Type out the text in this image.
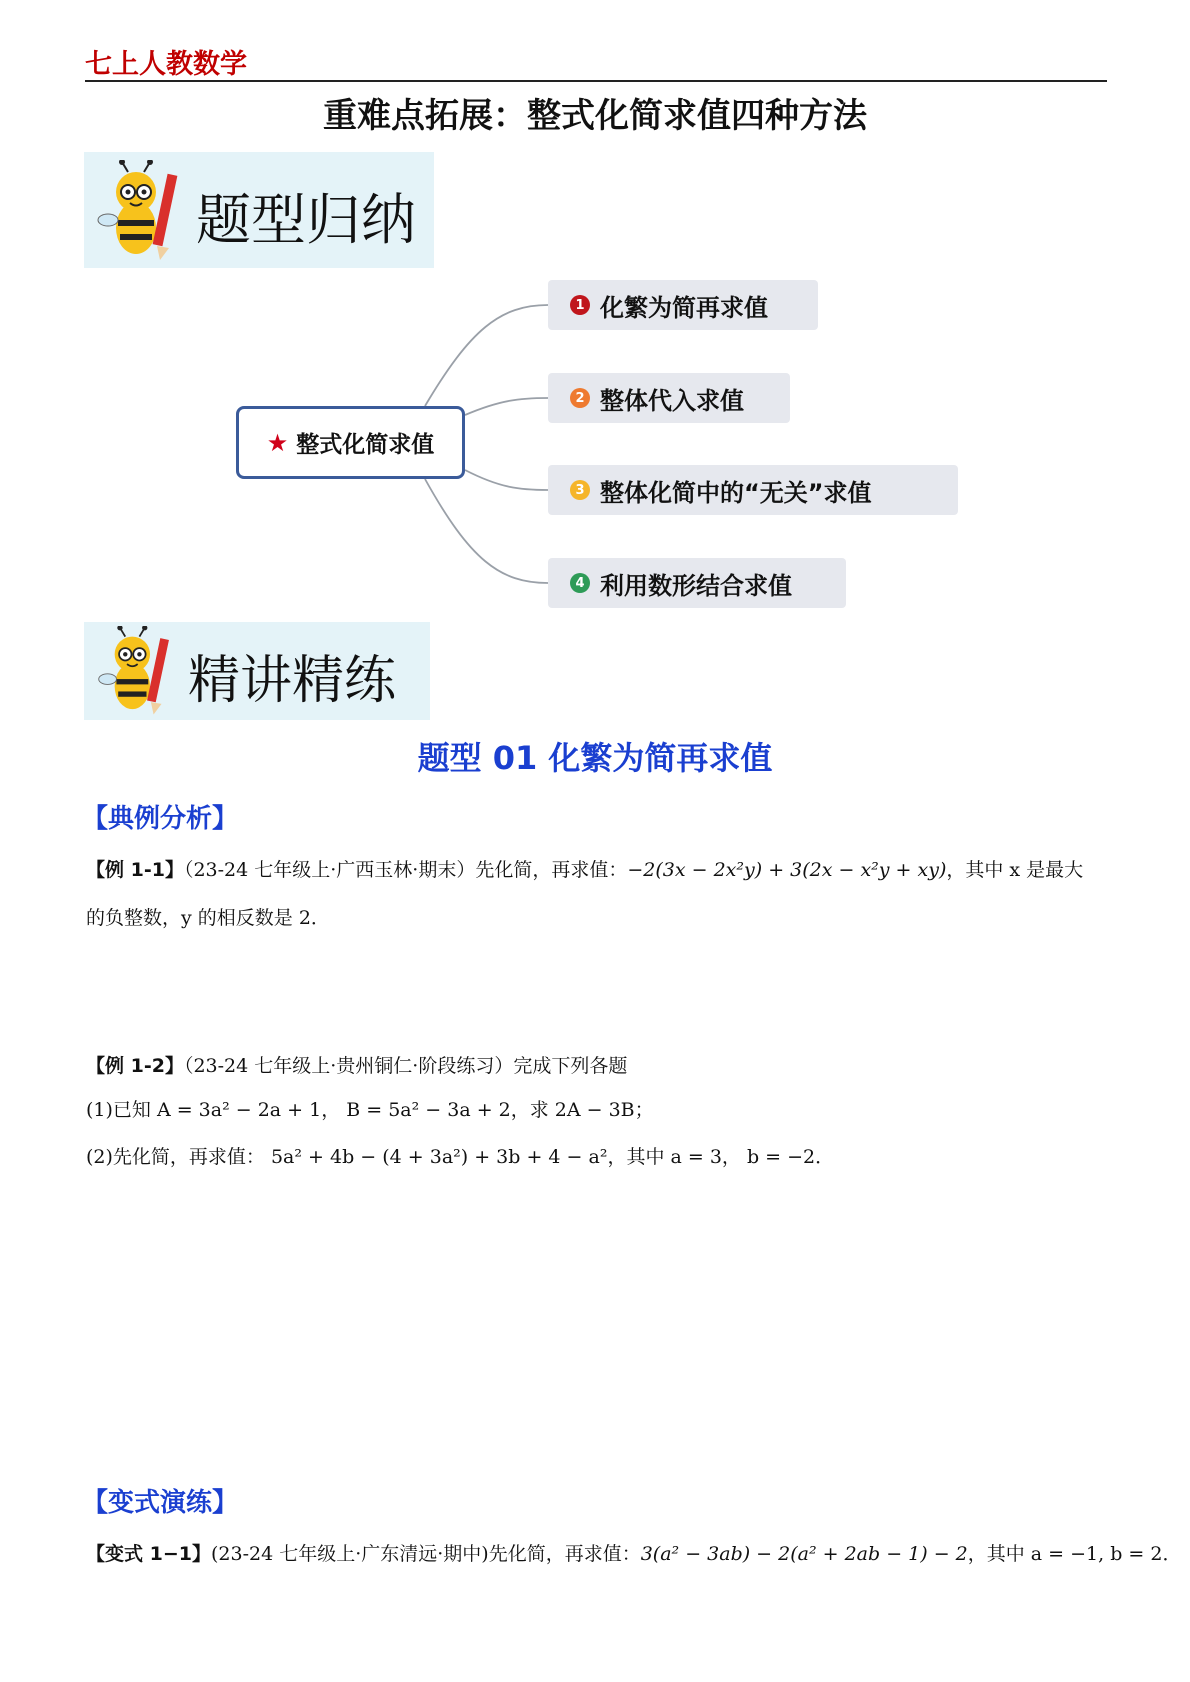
七上人教数学
重难点拓展：整式化简求值四种方法
题型归纳
★ 整式化简求值
1 化繁为简再求值
2 整体代入求值
3 整体化简中的“无关”求值
4 利用数形结合求值
精讲精练
题型 01 化繁为简再求值
【典例分析】
【例 1-1】（23-24 七年级上·广西玉林·期末）先化简，再求值：−2(3x − 2x²y) + 3(2x − x²y + xy)，其中 x 是最大
的负整数，y 的相反数是 2．
【例 1-2】（23-24 七年级上·贵州铜仁·阶段练习）完成下列各题
(1)已知 A = 3a² − 2a + 1， B = 5a² − 3a + 2，求 2A − 3B；
(2)先化简，再求值： 5a² + 4b − (4 + 3a²) + 3b + 4 − a²，其中 a = 3， b = −2．
【变式演练】
【变式 1−1】(23-24 七年级上·广东清远·期中)先化简，再求值：3(a² − 3ab) − 2(a² + 2ab − 1) − 2，其中 a = −1, b = 2．
